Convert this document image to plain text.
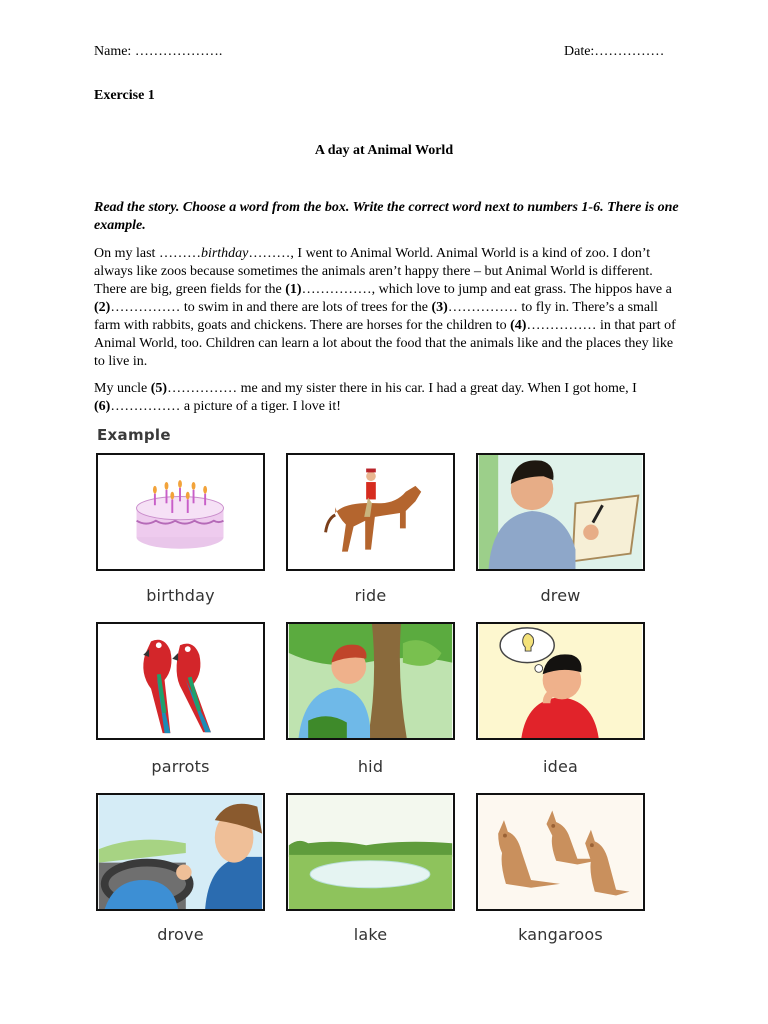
Name: ……………….	Date:……………
Exercise 1
A day at Animal World
Read the story. Choose a word from the box. Write the correct word next to numbers 1-6. There is one example.
On my last ………birthday………, I went to Animal World. Animal World is a kind of zoo. I don’t always like zoos because sometimes the animals aren’t happy there – but Animal World is different. There are big, green fields for the (1)……………, which love to jump and eat grass. The hippos have a (2)…………… to swim in and there are lots of trees for the (3)…………… to fly in. There’s a small farm with rabbits, goats and chickens. There are horses for the children to (4)…………… in that part of Animal World, too. Children can learn a lot about the food that the animals like and the places they like to live in.
My uncle (5)…………… me and my sister there in his car. I had a great day. When I got home, I (6)…………… a picture of a tiger. I love it!
Example
birthday	ride	drew
parrots	hid	idea
drove	lake	kangaroos
